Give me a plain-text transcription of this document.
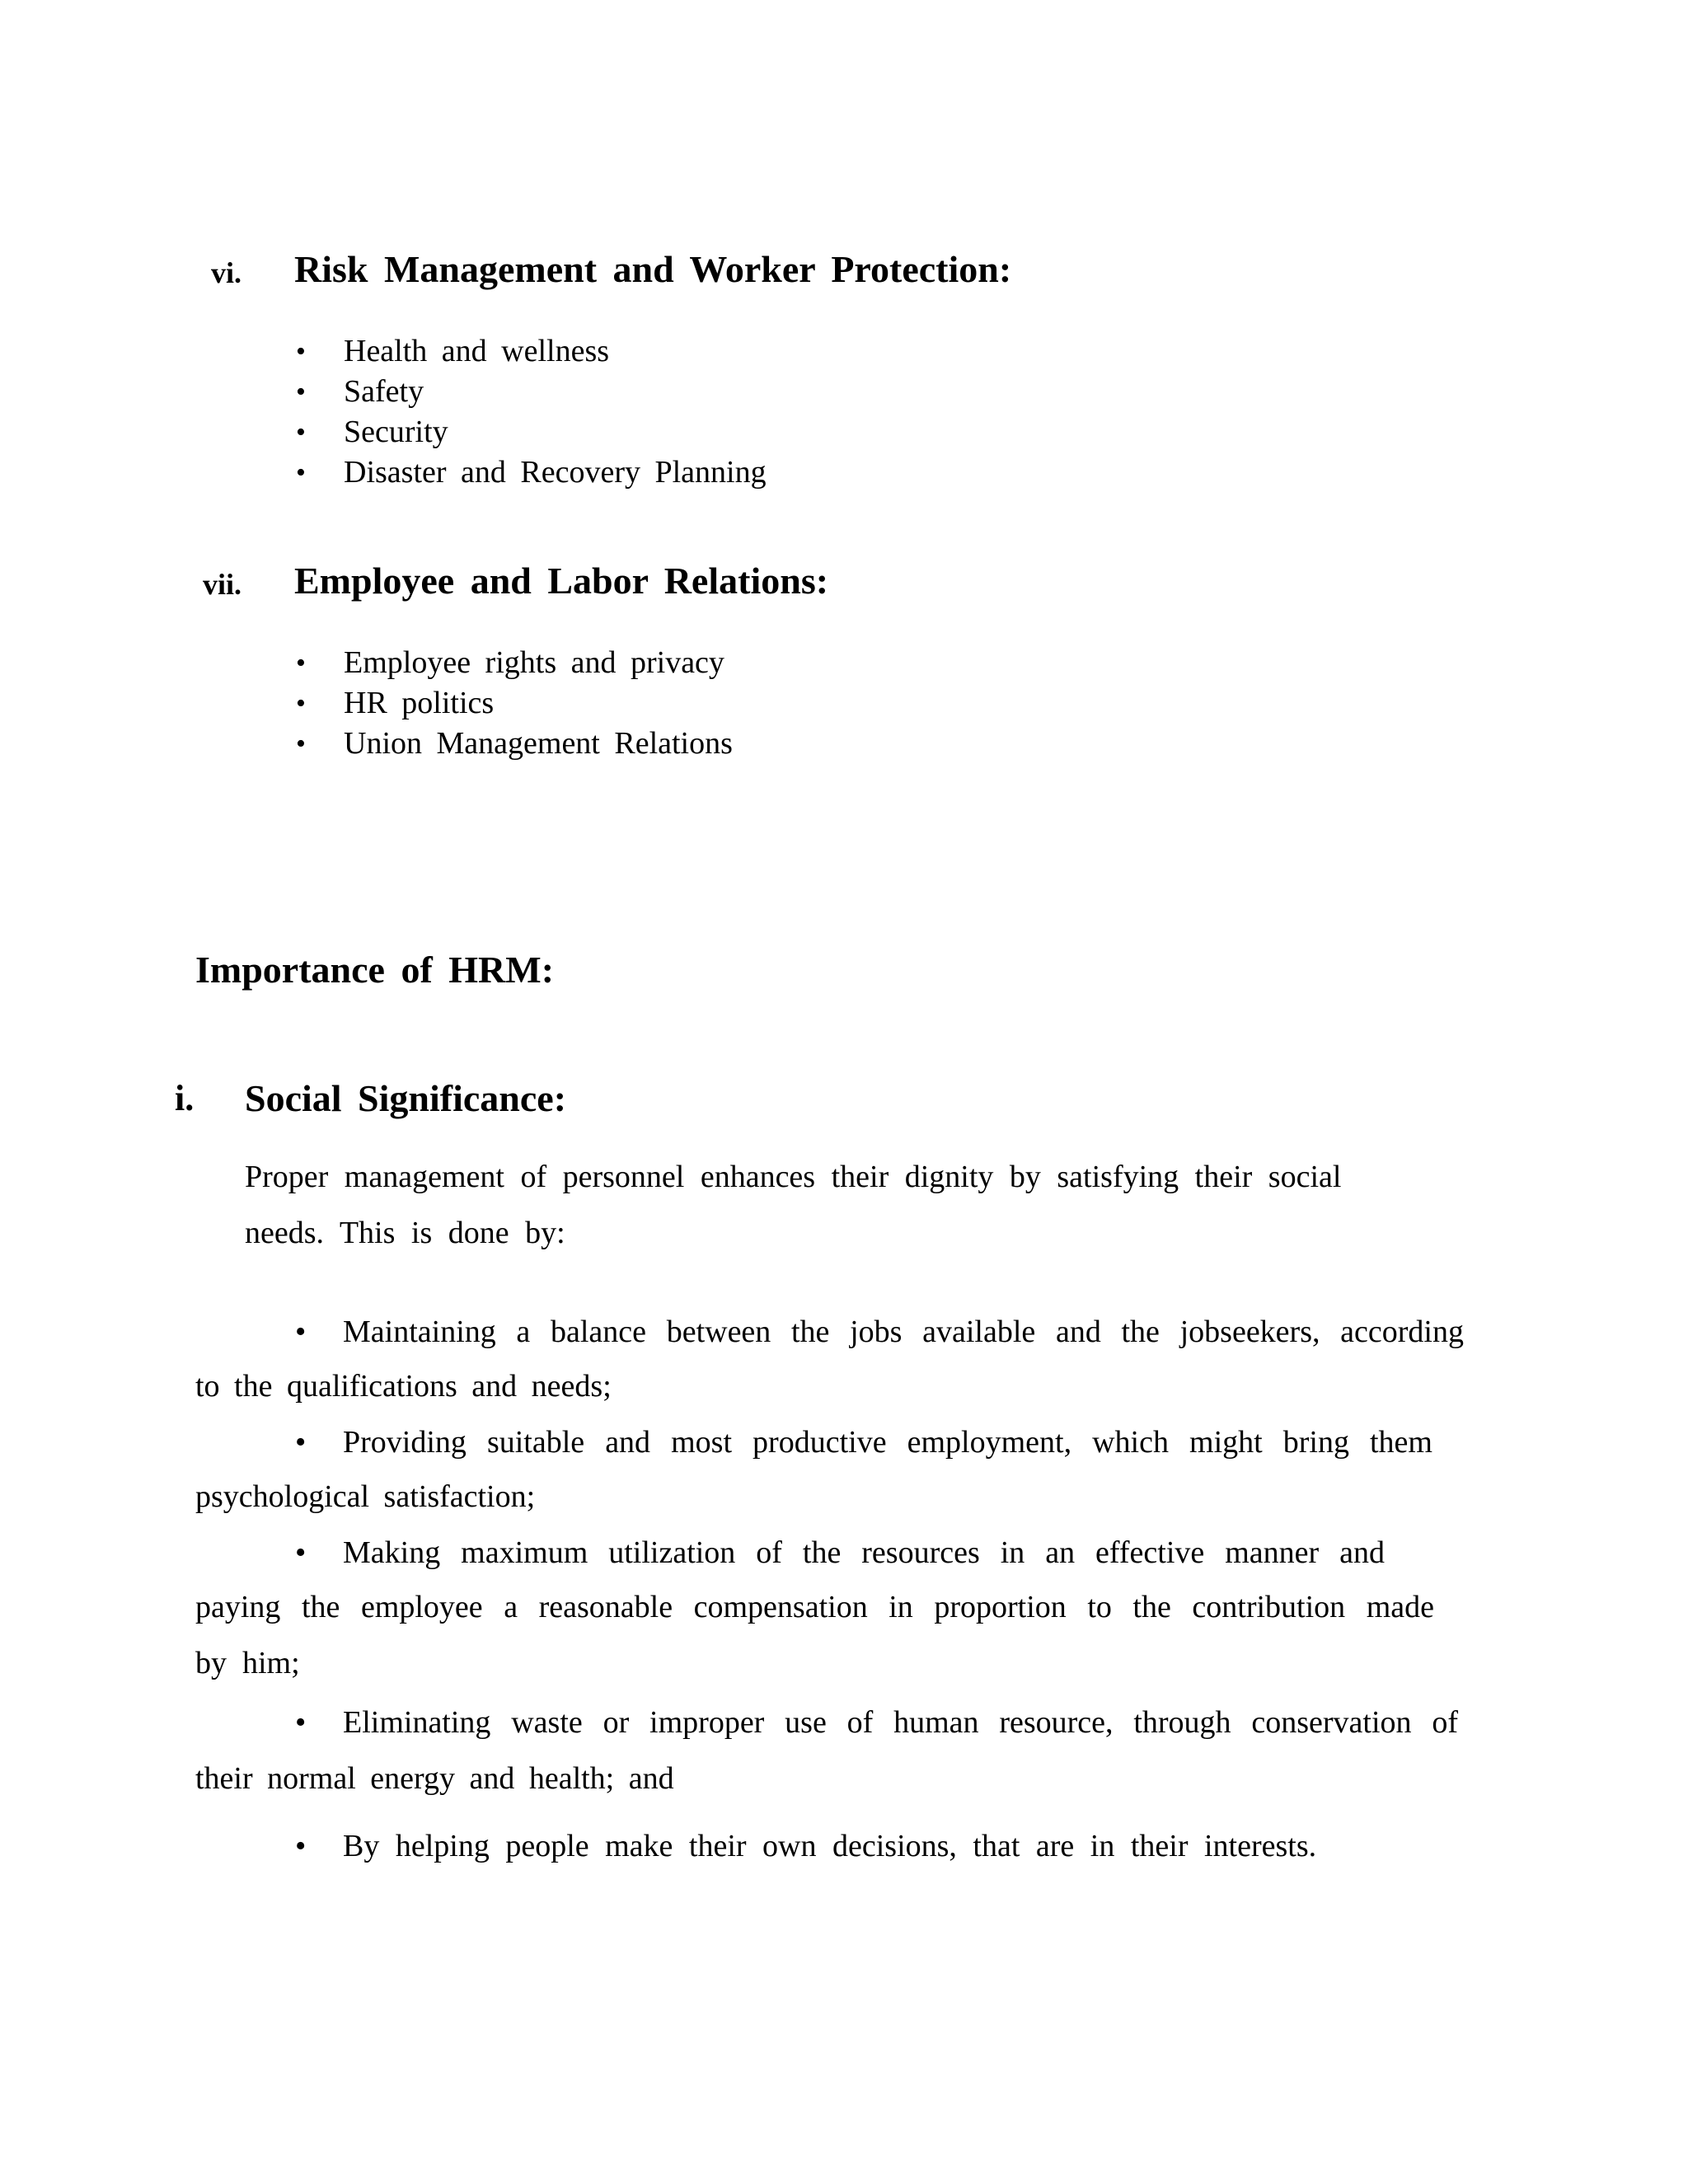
vi. Risk Management and Worker Protection:
• Health and wellness
• Safety
• Security
• Disaster and Recovery Planning
vii. Employee and Labor Relations:
• Employee rights and privacy
• HR politics
• Union Management Relations
Importance of HRM:
i. Social Significance:
Proper management of personnel enhances their dignity by satisfying their social
needs. This is done by:
• Maintaining a balance between the jobs available and the jobseekers, according
to the qualifications and needs;
• Providing suitable and most productive employment, which might bring them
psychological satisfaction;
• Making maximum utilization of the resources in an effective manner and
paying the employee a reasonable compensation in proportion to the contribution made
by  him;
• Eliminating waste or improper use of human resource, through conservation of
their normal energy and health; and
• By helping people make their own decisions, that are in their interests.
